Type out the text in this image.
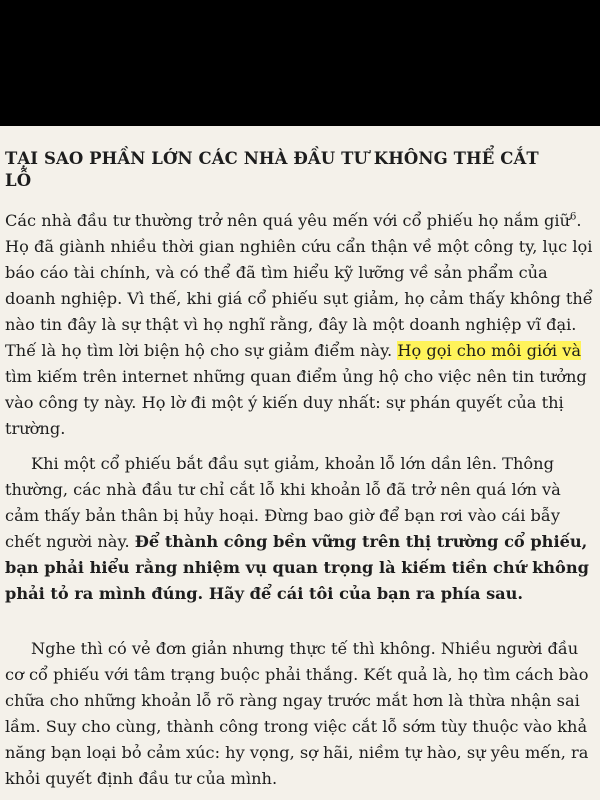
TẠI SAO PHẦN LỚN CÁC NHÀ ĐẦU TƯ KHÔNG THỂ CẮT
LỖ
Các nhà đầu tư thường trở nên quá yêu mến với cổ phiếu họ nắm giữ$^6$.
Họ đã giành nhiều thời gian nghiên cứu cẩn thận về một công ty, lục lọi
báo cáo tài chính, và có thể đã tìm hiểu kỹ lưỡng về sản phẩm của
doanh nghiệp. Vì thế, khi giá cổ phiếu sụt giảm, họ cảm thấy không thể
nào tin đây là sự thật vì họ nghĩ rằng, đây là một doanh nghiệp vĩ đại.
Thế là họ tìm lời biện hộ cho sự giảm điểm này. Họ gọi cho môi giới và
tìm kiếm trên internet những quan điểm ủng hộ cho việc nên tin tưởng
vào công ty này. Họ lờ đi một ý kiến duy nhất: sự phán quyết của thị
trường.
Khi một cổ phiếu bắt đầu sụt giảm, khoản lỗ lớn dần lên. Thông
thường, các nhà đầu tư chỉ cắt lỗ khi khoản lỗ đã trở nên quá lớn và
cảm thấy bản thân bị hủy hoại. Đừng bao giờ để bạn rơi vào cái bẫy
chết người này. Để thành công bền vững trên thị trường cổ phiếu,
bạn phải hiểu rằng nhiệm vụ quan trọng là kiếm tiền chứ không
phải tỏ ra mình đúng. Hãy để cái tôi của bạn ra phía sau.
Nghe thì có vẻ đơn giản nhưng thực tế thì không. Nhiều người đầu
cơ cổ phiếu với tâm trạng buộc phải thắng. Kết quả là, họ tìm cách bào
chữa cho những khoản lỗ rõ ràng ngay trước mắt hơn là thừa nhận sai
lầm. Suy cho cùng, thành công trong việc cắt lỗ sớm tùy thuộc vào khả
năng bạn loại bỏ cảm xúc: hy vọng, sợ hãi, niềm tự hào, sự yêu mến, ra
khỏi quyết định đầu tư của mình.
